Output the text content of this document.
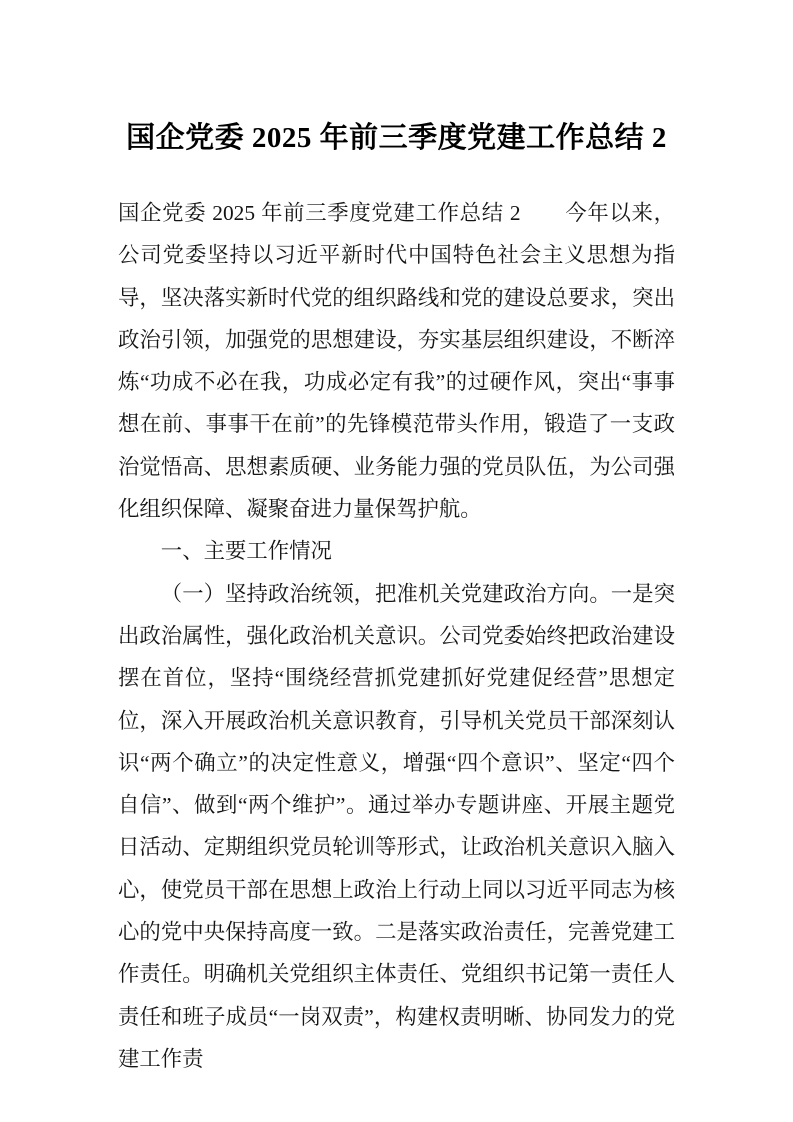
国企党委 2025 年前三季度党建工作总结 2

国企党委 2025 年前三季度党建工作总结 2　　今年以来，公司党委坚持以习近平新时代中国特色社会主义思想为指导，坚决落实新时代党的组织路线和党的建设总要求，突出政治引领，加强党的思想建设，夯实基层组织建设，不断淬炼“功成不必在我，功成必定有我”的过硬作风，突出“事事想在前、事事干在前”的先锋模范带头作用，锻造了一支政治觉悟高、思想素质硬、业务能力强的党员队伍，为公司强化组织保障、凝聚奋进力量保驾护航。

一、主要工作情况

（一）坚持政治统领，把准机关党建政治方向。一是突出政治属性，强化政治机关意识。公司党委始终把政治建设摆在首位，坚持“围绕经营抓党建抓好党建促经营”思想定位，深入开展政治机关意识教育，引导机关党员干部深刻认识“两个确立”的决定性意义，增强“四个意识”、坚定“四个自信”、做到“两个维护”。通过举办专题讲座、开展主题党日活动、定期组织党员轮训等形式，让政治机关意识入脑入心，使党员干部在思想上政治上行动上同以习近平同志为核心的党中央保持高度一致。二是落实政治责任，完善党建工作责任。明确机关党组织主体责任、党组织书记第一责任人责任和班子成员“一岗双责”，构建权责明晰、协同发力的党建工作责
